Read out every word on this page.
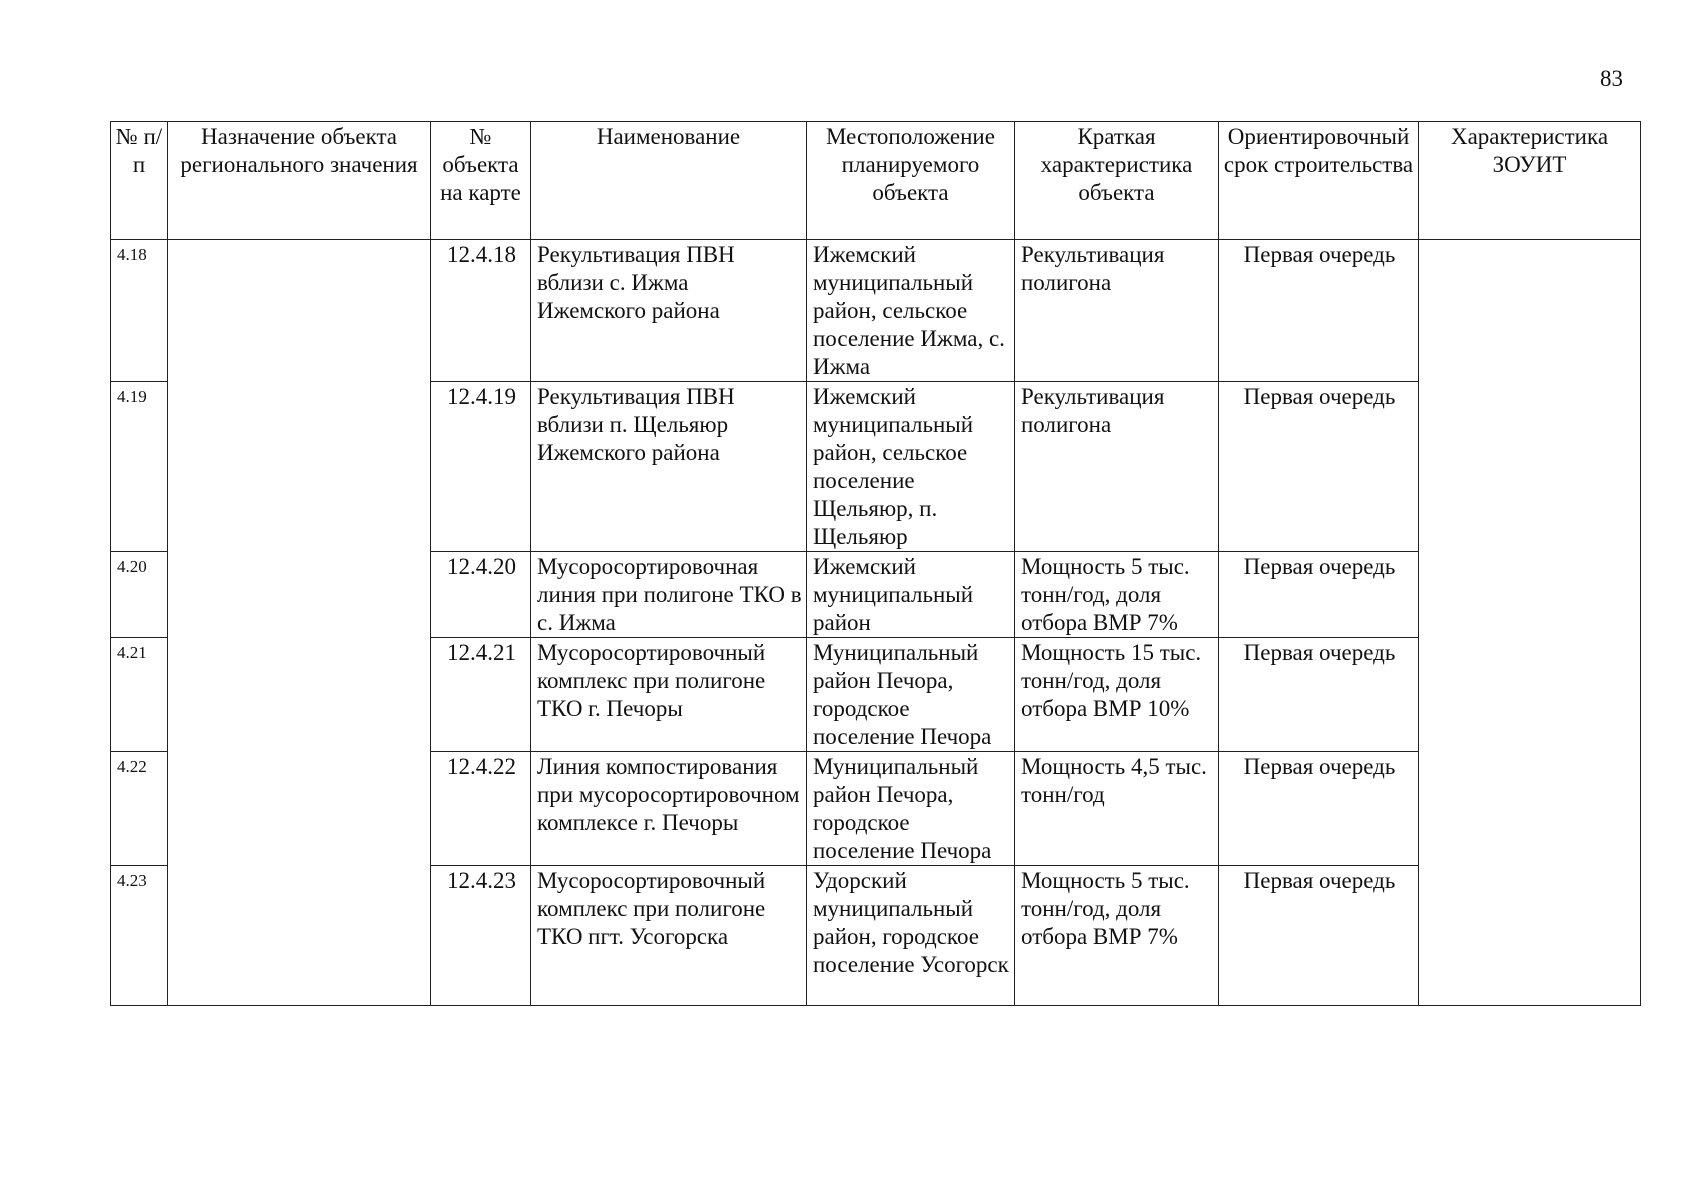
83
№ п/п	Назначение объекта регионального значения	№ объекта на карте	Наименование	Местоположение планируемого объекта	Краткая характеристика объекта	Ориентировочный срок строительства	Характеристика ЗОУИТ
4.18		12.4.18	Рекультивация ПВН вблизи с. Ижма Ижемского района	Ижемский муниципальный район, сельское поселение Ижма, с. Ижма	Рекультивация полигона	Первая очередь	
4.19		12.4.19	Рекультивация ПВН вблизи п. Щельяюр Ижемского района	Ижемский муниципальный район, сельское поселение Щельяюр, п. Щельяюр	Рекультивация полигона	Первая очередь	
4.20		12.4.20	Мусоросортировочная линия при полигоне ТКО в с. Ижма	Ижемский муниципальный район	Мощность 5 тыс. тонн/год, доля отбора ВМР 7%	Первая очередь	
4.21		12.4.21	Мусоросортировочный комплекс при полигоне ТКО г. Печоры	Муниципальный район Печора, городское поселение Печора	Мощность 15 тыс. тонн/год, доля отбора ВМР 10%	Первая очередь	
4.22		12.4.22	Линия компостирования при мусоросортировочном комплексе г. Печоры	Муниципальный район Печора, городское поселение Печора	Мощность 4,5 тыс. тонн/год	Первая очередь	
4.23		12.4.23	Мусоросортировочный комплекс при полигоне ТКО пгт. Усогорска	Удорский муниципальный район, городское поселение Усогорск	Мощность 5 тыс. тонн/год, доля отбора ВМР 7%	Первая очередь	
